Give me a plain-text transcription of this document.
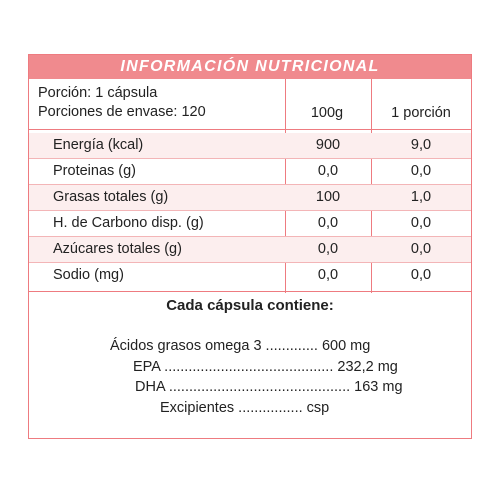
INFORMACIÓN NUTRICIONAL
Porción: 1 cápsula
Porciones de envase: 120	100g	1 porción
Energía (kcal)	900	9,0
Proteinas (g)	0,0	0,0
Grasas totales (g)	100	1,0
H. de Carbono disp. (g)	0,0	0,0
Azúcares totales (g)	0,0	0,0
Sodio (mg)	0,0	0,0
Cada cápsula contiene:
Ácidos grasos omega 3 ............. 600 mg
EPA .......................................... 232,2 mg
DHA ............................................. 163 mg
Excipientes ................ csp
